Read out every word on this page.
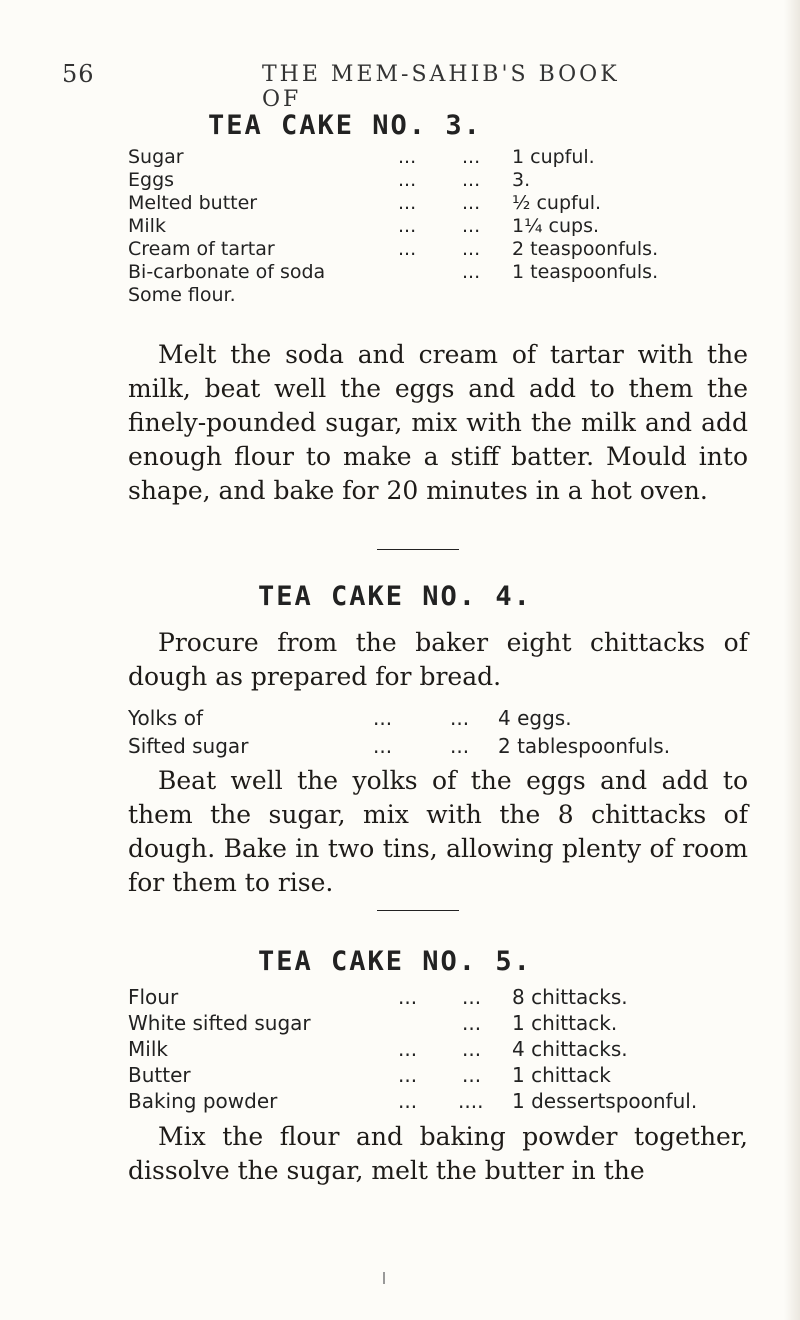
56	THE MEM-SAHIB'S BOOK OF
TEA CAKE NO. 3.
Sugar	... ... 1 cupful.
Eggs	... ... 3.
Melted butter	... ... ½ cupful.
Milk	... ... 1¼ cups.
Cream of tartar	... ... 2 teaspoonfuls.
Bi-carbonate of soda	... 1 teaspoonfuls.
Some flour.
Melt the soda and cream of tartar with the milk, beat well the eggs and add to them the finely-pounded sugar, mix with the milk and add enough flour to make a stiff batter. Mould into shape, and bake for 20 minutes in a hot oven.
TEA CAKE NO. 4.
Procure from the baker eight chittacks of dough as prepared for bread.
Yolks of	...	... 4 eggs.
Sifted sugar	...	... 2 tablespoonfuls.
Beat well the yolks of the eggs and add to them the sugar, mix with the 8 chittacks of dough. Bake in two tins, allowing plenty of room for them to rise.
TEA CAKE NO. 5.
Flour	... ... 8 chittacks.
White sifted sugar	... 1 chittack.
Milk	... ... 4 chittacks.
Butter	... ... 1 chittack
Baking powder	... .... 1 dessertspoonful.
Mix the flour and baking powder together, dissolve the sugar, melt the butter in the
